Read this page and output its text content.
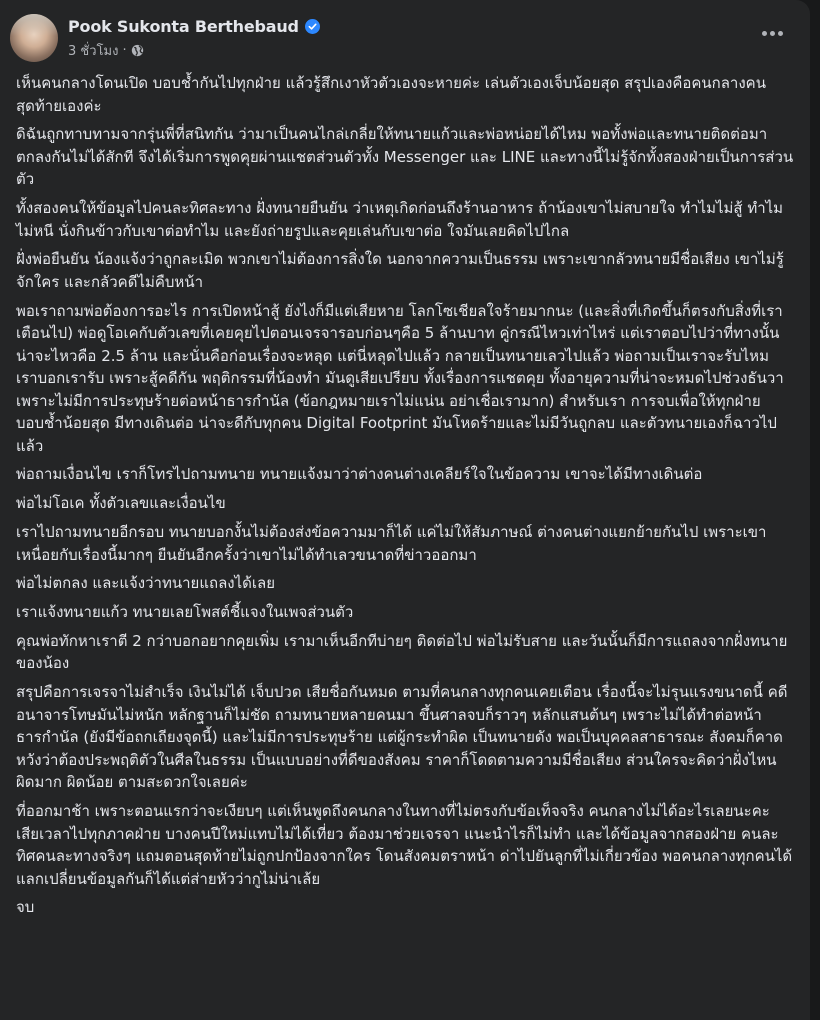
Pook Sukonta Berthebaud
3 ชั่วโมง ·

เห็นคนกลางโดนเปิด บอบช้ำกันไปทุกฝ่าย แล้วรู้สึกเงาหัวตัวเองจะหายค่ะ เล่นตัวเองเจ็บน้อยสุด สรุปเองคือคนกลางคนสุดท้ายเองค่ะ

ดิฉันถูกทาบทามจากรุ่นพี่ที่สนิทกัน ว่ามาเป็นคนไกล่เกลี่ยให้ทนายแก้วและพ่อหน่อยได้ไหม พอทั้งพ่อและทนายติดต่อมา ตกลงกันไม่ได้สักที จึงได้เริ่มการพูดคุยผ่านแชตส่วนตัวทั้ง Messenger และ LINE และทางนี้ไม่รู้จักทั้งสองฝ่ายเป็นการส่วนตัว

ทั้งสองคนให้ข้อมูลไปคนละทิศละทาง ฝั่งทนายยืนยัน ว่าเหตุเกิดก่อนถึงร้านอาหาร ถ้าน้องเขาไม่สบายใจ ทำไมไม่สู้ ทำไมไม่หนี นั่งกินข้าวกับเขาต่อทำไม และยังถ่ายรูปและคุยเล่นกับเขาต่อ ใจมันเลยคิดไปไกล

ฝั่งพ่อยืนยัน น้องแจ้งว่าถูกละเมิด พวกเขาไม่ต้องการสิ่งใด นอกจากความเป็นธรรม เพราะเขากลัวทนายมีชื่อเสียง เขาไม่รู้จักใคร และกลัวคดีไม่คืบหน้า

พอเราถามพ่อต้องการอะไร การเปิดหน้าสู้ ยังไงก็มีแต่เสียหาย โลกโซเชียลใจร้ายมากนะ (และสิ่งที่เกิดขึ้นก็ตรงกับสิ่งที่เราเตือนไป) พ่อดูโอเคกับตัวเลขที่เคยคุยไปตอนเจรจารอบก่อนๆคือ 5 ล้านบาท คู่กรณีไหวเท่าไหร่ แต่เราตอบไปว่าที่ทางนั้นน่าจะไหวคือ 2.5 ล้าน และนั่นคือก่อนเรื่องจะหลุด แต่นี่หลุดไปแล้ว กลายเป็นทนายเลวไปแล้ว พ่อถามเป็นเราจะรับไหม เราบอกเรารับ เพราะสู้คดีกัน พฤติกรรมที่น้องทำ มันดูเสียเปรียบ ทั้งเรื่องการแชตคุย ทั้งอายุความที่น่าจะหมดไปช่วงธันวา เพราะไม่มีการประทุษร้ายต่อหน้าธารกำนัล (ข้อกฎหมายเราไม่แน่น อย่าเชื่อเรามาก) สำหรับเรา การจบเพื่อให้ทุกฝ่ายบอบช้ำน้อยสุด มีทางเดินต่อ น่าจะดีกับทุกคน Digital Footprint มันโหดร้ายและไม่มีวันถูกลบ และตัวทนายเองก็ฉาวไปแล้ว

พ่อถามเงื่อนไข เราก็โทรไปถามทนาย ทนายแจ้งมาว่าต่างคนต่างเคลียร์ใจในข้อความ เขาจะได้มีทางเดินต่อ

พ่อไม่โอเค ทั้งตัวเลขและเงื่อนไข

เราไปถามทนายอีกรอบ ทนายบอกงั้นไม่ต้องส่งข้อความมาก็ได้ แค่ไม่ให้สัมภาษณ์ ต่างคนต่างแยกย้ายกันไป เพราะเขาเหนื่อยกับเรื่องนี้มากๆ ยืนยันอีกครั้งว่าเขาไม่ได้ทำเลวขนาดที่ข่าวออกมา

พ่อไม่ตกลง และแจ้งว่าทนายแถลงได้เลย

เราแจ้งทนายแก้ว ทนายเลยโพสต์ชี้แจงในเพจส่วนตัว

คุณพ่อทักหาเราตี 2 กว่าบอกอยากคุยเพิ่ม เรามาเห็นอีกทีบ่ายๆ ติดต่อไป พ่อไม่รับสาย และวันนั้นก็มีการแถลงจากฝั่งทนายของน้อง

สรุปคือการเจรจาไม่สำเร็จ เงินไม่ได้ เจ็บปวด เสียชื่อกันหมด ตามที่คนกลางทุกคนเคยเตือน เรื่องนี้จะไม่รุนแรงขนาดนี้ คดีอนาจารโทษมันไม่หนัก หลักฐานก็ไม่ชัด ถามทนายหลายคนมา ขึ้นศาลจบก็ราวๆ หลักแสนต้นๆ เพราะไม่ได้ทำต่อหน้าธารกำนัล (ยังมีข้อถกเถียงจุดนี้) และไม่มีการประทุษร้าย แต่ผู้กระทำผิด เป็นทนายดัง พอเป็นบุคคลสาธารณะ สังคมก็คาดหวังว่าต้องประพฤติตัวในศีลในธรรม เป็นแบบอย่างที่ดีของสังคม ราคาก็โดดตามความมีชื่อเสียง ส่วนใครจะคิดว่าฝั่งไหนผิดมาก ผิดน้อย ตามสะดวกใจเลยค่ะ

ที่ออกมาช้า เพราะตอนแรกว่าจะเงียบๆ แต่เห็นพูดถึงคนกลางในทางที่ไม่ตรงกับข้อเท็จจริง คนกลางไม่ได้อะไรเลยนะคะ เสียเวลาไปทุกภาคฝ่าย บางคนปีใหม่แทบไม่ได้เที่ยว ต้องมาช่วยเจรจา แนะนำไรก็ไม่ทำ และได้ข้อมูลจากสองฝ่าย คนละทิศคนละทางจริงๆ แถมตอนสุดท้ายไม่ถูกปกป้องจากใคร โดนสังคมตราหน้า ด่าไปยันลูกที่ไม่เกี่ยวข้อง พอคนกลางทุกคนได้แลกเปลี่ยนข้อมูลกันก็ได้แต่ส่ายหัวว่ากูไม่น่าเล้ย

จบ
